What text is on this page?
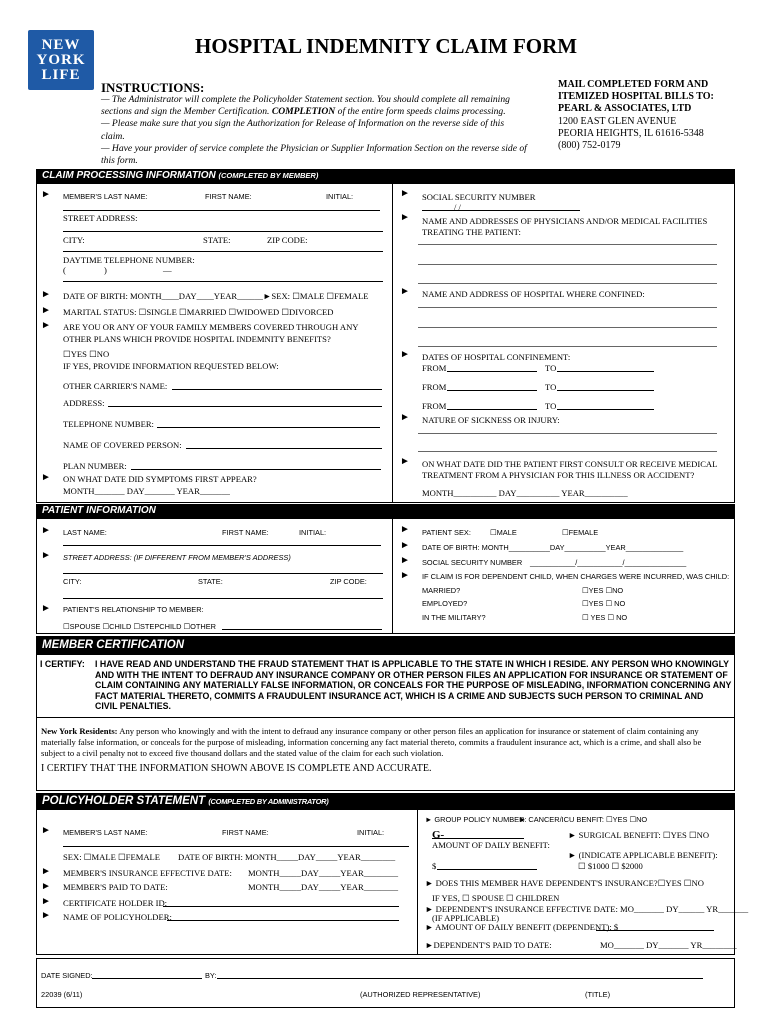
NEW
YORK
LIFE
HOSPITAL INDEMNITY CLAIM FORM
INSTRUCTIONS:
— The Administrator will complete the Policyholder Statement section. You should complete all remaining
sections and sign the Member Certification. COMPLETION of the entire form speeds claims processing.
— Please make sure that you sign the Authorization for Release of Information on the reverse side of this
claim.
— Have your provider of service complete the Physician or Supplier Information Section on the reverse side of
this form.
MAIL COMPLETED FORM AND
ITEMIZED HOSPITAL BILLS TO:
PEARL & ASSOCIATES, LTD
1200 EAST GLEN AVENUE
PEORIA HEIGHTS, IL 61616-5348
(800) 752-0179
CLAIM PROCESSING INFORMATION (COMPLETED BY MEMBER)
► MEMBER'S LAST NAME:	FIRST NAME:	INITIAL:
STREET ADDRESS:
CITY:	STATE:	ZIP CODE:
DAYTIME TELEPHONE NUMBER:
(	)	—
► DATE OF BIRTH: MONTH____DAY____YEAR______►SEX: ☐MALE ☐FEMALE
► MARITAL STATUS: ☐SINGLE ☐MARRIED ☐WIDOWED ☐DIVORCED
► ARE YOU OR ANY OF YOUR FAMILY MEMBERS COVERED THROUGH ANY
OTHER PLANS WHICH PROVIDE HOSPITAL INDEMNITY BENEFITS?
☐YES ☐NO
IF YES, PROVIDE INFORMATION REQUESTED BELOW:
OTHER CARRIER'S NAME:
ADDRESS:
TELEPHONE NUMBER:
NAME OF COVERED PERSON:
PLAN NUMBER:
► ON WHAT DATE DID SYMPTOMS FIRST APPEAR?
MONTH_______ DAY_______ YEAR_______
► SOCIAL SECURITY NUMBER
/ /
► NAME AND ADDRESSES OF PHYSICIANS AND/OR MEDICAL FACILITIES
TREATING THE PATIENT:
► NAME AND ADDRESS OF HOSPITAL WHERE CONFINED:
► DATES OF HOSPITAL CONFINEMENT:
FROM	TO
FROM	TO
FROM	TO
► NATURE OF SICKNESS OR INJURY:
► ON WHAT DATE DID THE PATIENT FIRST CONSULT OR RECEIVE MEDICAL
TREATMENT FROM A PHYSICIAN FOR THIS ILLNESS OR ACCIDENT?
MONTH__________ DAY__________ YEAR__________
PATIENT INFORMATION
► LAST NAME:	FIRST NAME:	INITIAL:
► STREET ADDRESS: (IF DIFFERENT FROM MEMBER'S ADDRESS)
CITY:	STATE:	ZIP CODE:
► PATIENT'S RELATIONSHIP TO MEMBER:
☐SPOUSE ☐CHILD ☐STEPCHILD ☐OTHER
► PATIENT SEX:	☐MALE	☐FEMALE
► DATE OF BIRTH: MONTH__________DAY__________YEAR______________
► SOCIAL SECURITY NUMBER ___________/___________/_______________
► IF CLAIM IS FOR DEPENDENT CHILD, WHEN CHARGES WERE INCURRED, WAS CHILD:
MARRIED?	☐YES ☐NO
EMPLOYED?	☐YES ☐ NO
IN THE MILITARY?	☐ YES ☐ NO
MEMBER CERTIFICATION
I CERTIFY: I HAVE READ AND UNDERSTAND THE FRAUD STATEMENT THAT IS APPLICABLE TO THE STATE IN WHICH I RESIDE. ANY PERSON WHO KNOWINGLY
AND WITH THE INTENT TO DEFRAUD ANY INSURANCE COMPANY OR OTHER PERSON FILES AN APPLICATION FOR INSURANCE OR STATEMENT OF
CLAIM CONTAINING ANY MATERIALLY FALSE INFORMATION, OR CONCEALS FOR THE PURPOSE OF MISLEADING, INFORMATION CONCERNING ANY
FACT MATERIAL THERETO, COMMITS A FRAUDULENT INSURANCE ACT, WHICH IS A CRIME AND SUBJECTS SUCH PERSON TO CRIMINAL AND
CIVIL PENALTIES.
New York Residents: Any person who knowingly and with the intent to defraud any insurance company or other person files an application for insurance or statement of claim containing any
materially false information, or conceals for the purpose of misleading, information concerning any fact material thereto, commits a fraudulent insurance act, which is a crime, and shall also be
subject to a civil penalty not to exceed five thousand dollars and the stated value of the claim for each such violation.
I CERTIFY THAT THE INFORMATION SHOWN ABOVE IS COMPLETE AND ACCURATE.
POLICYHOLDER STATEMENT (COMPLETED BY ADMINISTRATOR)
► MEMBER'S LAST NAME:	FIRST NAME:	INITIAL:
SEX: ☐MALE ☐FEMALE DATE OF BIRTH: MONTH_____DAY_____YEAR________
► MEMBER'S INSURANCE EFFECTIVE DATE: MONTH_____DAY_____YEAR________
► MEMBER'S PAID TO DATE:	MONTH_____DAY_____YEAR________
► CERTIFICATE HOLDER ID:
► NAME OF POLICYHOLDER:
► GROUP POLICY NUMBER:
► CANCER/ICU BENFIT: ☐YES ☐NO
G-
AMOUNT OF DAILY BENEFIT:
► SURGICAL BENEFIT: ☐YES ☐NO
► (INDICATE APPLICABLE BENEFIT):
$	☐ $1000 ☐ $2000
► DOES THIS MEMBER HAVE DEPENDENT'S INSURANCE?☐YES ☐NO
IF YES, ☐ SPOUSE ☐ CHILDREN
► DEPENDENT'S INSURANCE EFFECTIVE DATE: MO_______ DY______ YR_______
(IF APPLICABLE)
► AMOUNT OF DAILY BENEFIT (DEPENDENT): $
►DEPENDENT'S PAID TO DATE:	MO_______ DY_______ YR________
DATE SIGNED:	BY:
22039 (6/11)	(AUTHORIZED REPRESENTATIVE)	(TITLE)
